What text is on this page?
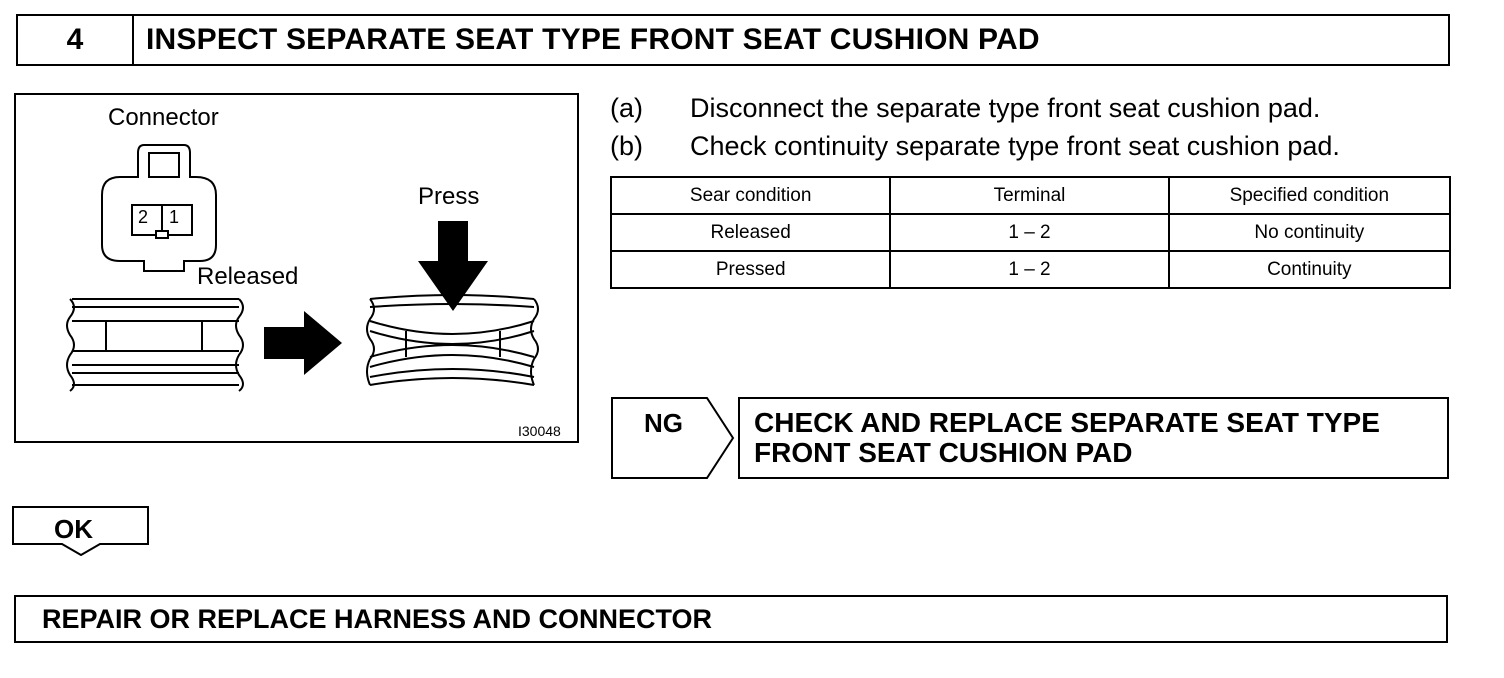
4	INSPECT SEPARATE SEAT TYPE FRONT SEAT CUSHION PAD
Connector
2 1
Released
Press
I30048
(a)	Disconnect the separate type front seat cushion pad.
(b)	Check continuity separate type front seat cushion pad.
Sear condition	Terminal	Specified condition
Released	1 – 2	No continuity
Pressed	1 – 2	Continuity
NG	CHECK AND REPLACE SEPARATE SEAT TYPE
FRONT SEAT CUSHION PAD
OK
REPAIR OR REPLACE HARNESS AND CONNECTOR
